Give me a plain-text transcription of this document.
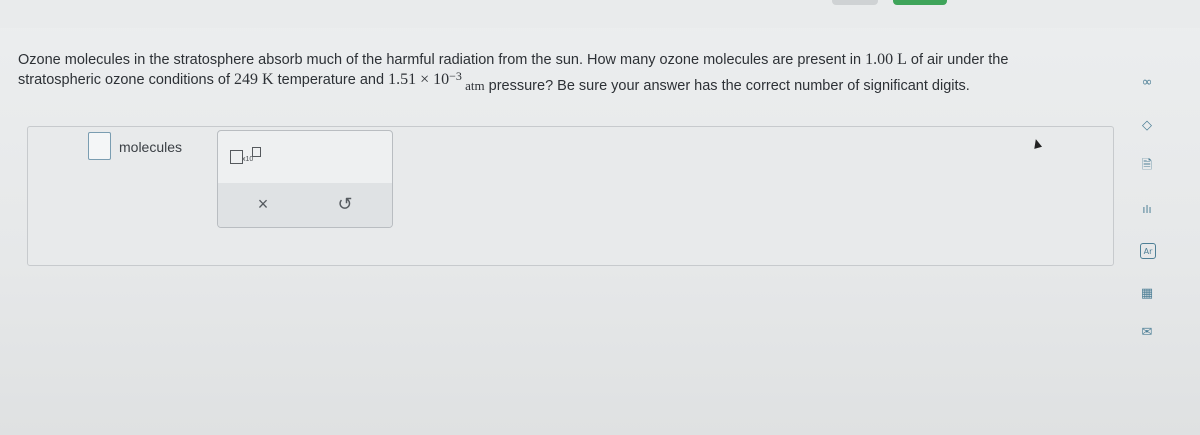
Ozone molecules in the stratosphere absorb much of the harmful radiation from the sun. How many ozone molecules are present in 1.00 L of air under the
stratospheric ozone conditions of 249 K temperature and 1.51 × 10 −3
atm pressure? Be sure your answer has the correct number of significant digits.
molecules
x10
×	↺
∞
◇
🗎
ılı
Ar
▦
✉
